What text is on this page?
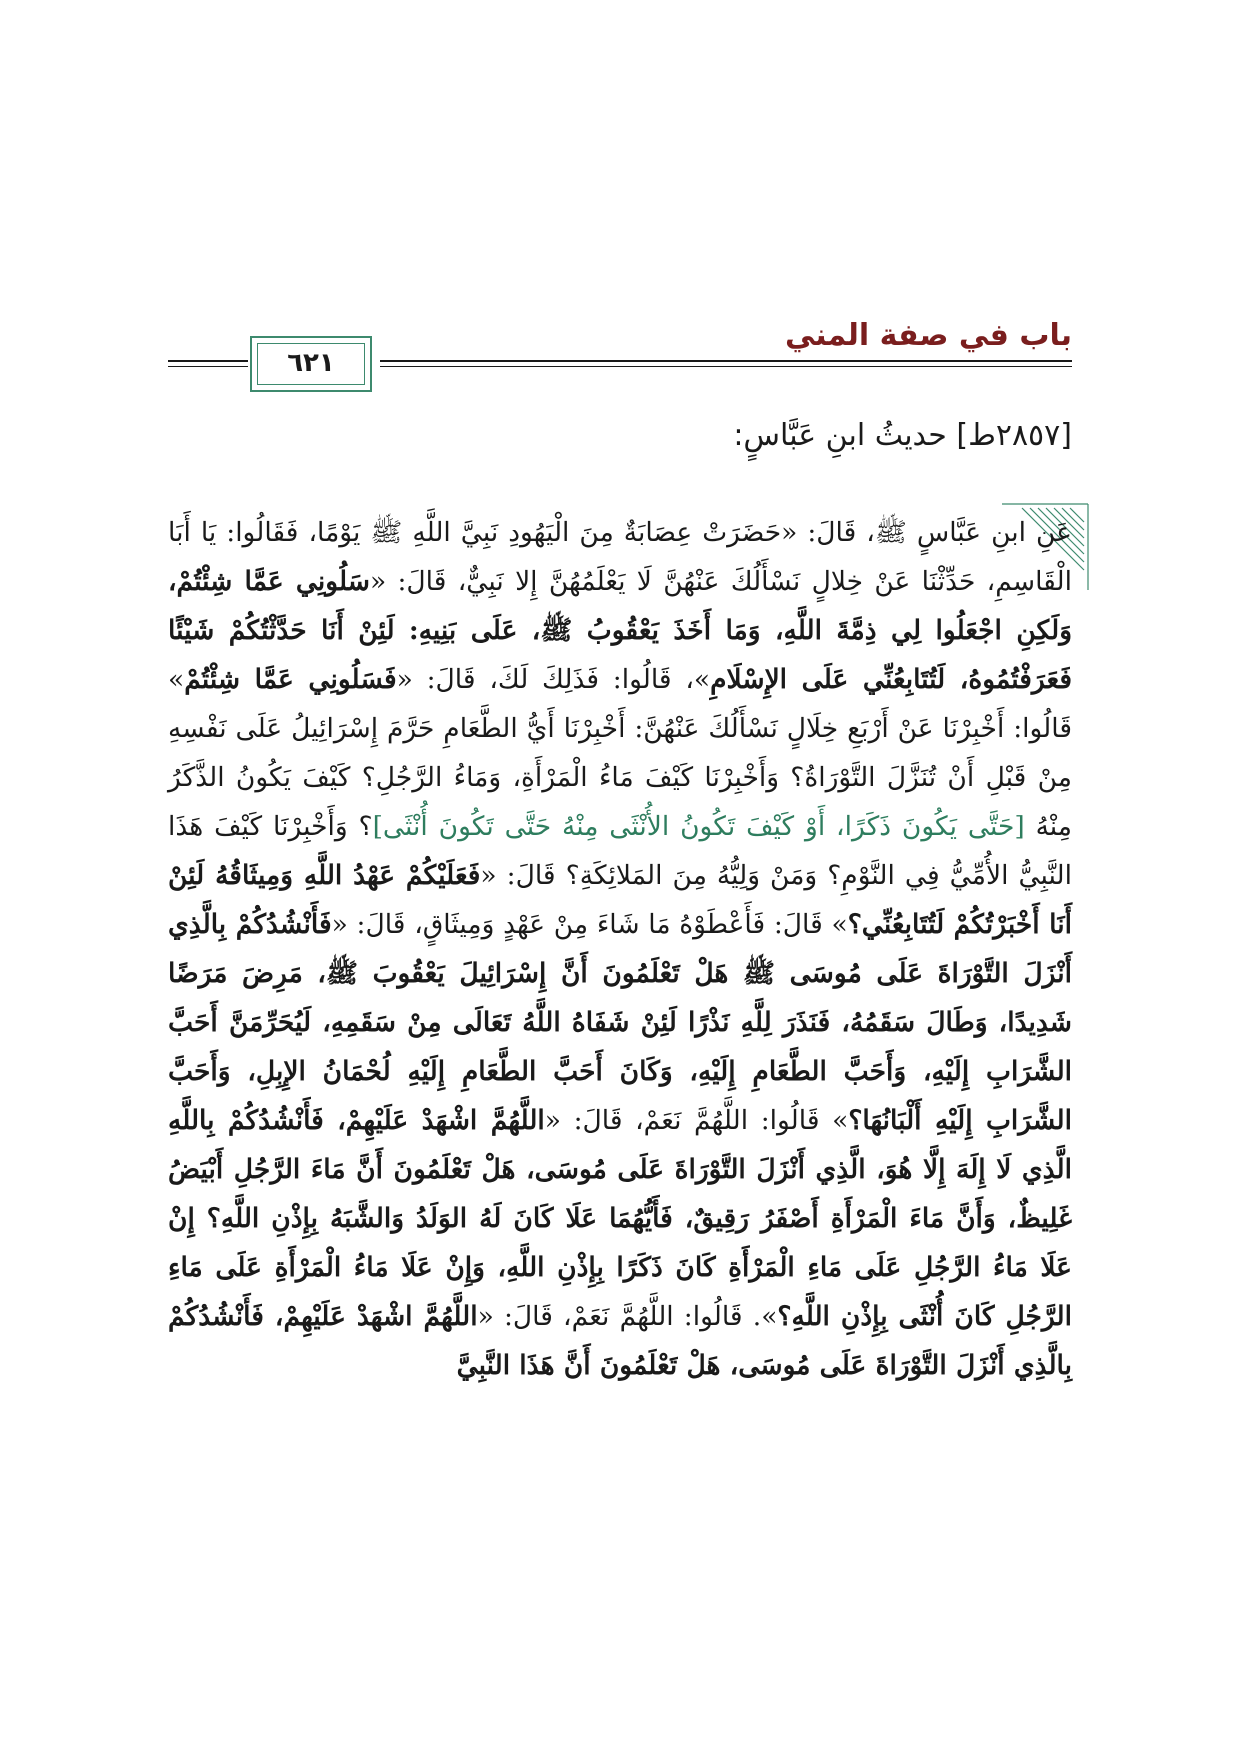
باب في صفة المني
٦٢١
[٢٨٥٧ط] حديثُ ابنِ عَبَّاسٍ:
عَنِ ابنِ عَبَّاسٍ ﷺ، قَالَ: «حَضَرَتْ عِصَابَةٌ مِنَ الْيَهُودِ نَبِيَّ اللَّهِ ﷺ يَوْمًا، فَقَالُوا: يَا أَبَا الْقَاسِمِ، حَدِّثْنَا عَنْ خِلالٍ نَسْأَلُكَ عَنْهُنَّ لَا يَعْلَمُهُنَّ إِلا نَبِيٌّ، قَالَ: «سَلُونِي عَمَّا شِئْتُمْ، وَلَكِنِ اجْعَلُوا لِي ذِمَّةَ اللَّهِ، وَمَا أَخَذَ يَعْقُوبُ ﷺ، عَلَى بَنِيهِ: لَئِنْ أَنَا حَدَّثْتُكُمْ شَيْئًا فَعَرَفْتُمُوهُ، لَتُتَابِعُنِّي عَلَى الإِسْلَامِ»، قَالُوا: فَذَلِكَ لَكَ، قَالَ: «فَسَلُونِي عَمَّا شِئْتُمْ» قَالُوا: أَخْبِرْنَا عَنْ أَرْبَعِ خِلَالٍ نَسْأَلُكَ عَنْهُنَّ: أَخْبِرْنَا أَيُّ الطَّعَامِ حَرَّمَ إِسْرَائِيلُ عَلَى نَفْسِهِ مِنْ قَبْلِ أَنْ تُنَزَّلَ التَّوْرَاةُ؟ وَأَخْبِرْنَا كَيْفَ مَاءُ الْمَرْأَةِ، وَمَاءُ الرَّجُلِ؟ كَيْفَ يَكُونُ الذَّكَرُ مِنْهُ [حَتَّى يَكُونَ ذَكَرًا، أَوْ كَيْفَ تَكُونُ الأُنْثَى مِنْهُ حَتَّى تَكُونَ أُنْثَى]؟ وَأَخْبِرْنَا كَيْفَ هَذَا النَّبِيُّ الأُمِّيُّ فِي النَّوْمِ؟ وَمَنْ وَلِيُّهُ مِنَ المَلائِكَةِ؟ قَالَ: «فَعَلَيْكُمْ عَهْدُ اللَّهِ وَمِيثَاقُهُ لَئِنْ أَنَا أَخْبَرْتُكُمْ لَتُتَابِعُنِّي؟» قَالَ: فَأَعْطَوْهُ مَا شَاءَ مِنْ عَهْدٍ وَمِيثَاقٍ، قَالَ: «فَأَنْشُدُكُمْ بِالَّذِي أَنْزَلَ التَّوْرَاةَ عَلَى مُوسَى ﷺ هَلْ تَعْلَمُونَ أَنَّ إِسْرَائِيلَ يَعْقُوبَ ﷺ، مَرِضَ مَرَضًا شَدِيدًا، وَطَالَ سَقَمُهُ، فَنَذَرَ لِلَّهِ نَذْرًا لَئِنْ شَفَاهُ اللَّهُ تَعَالَى مِنْ سَقَمِهِ، لَيُحَرِّمَنَّ أَحَبَّ الشَّرَابِ إِلَيْهِ، وَأَحَبَّ الطَّعَامِ إِلَيْهِ، وَكَانَ أَحَبَّ الطَّعَامِ إِلَيْهِ لُحْمَانُ الإِبِلِ، وَأَحَبَّ الشَّرَابِ إِلَيْهِ أَلْبَانُهَا؟» قَالُوا: اللَّهُمَّ نَعَمْ، قَالَ: «اللَّهُمَّ اشْهَدْ عَلَيْهِمْ، فَأَنْشُدُكُمْ بِاللَّهِ الَّذِي لَا إِلَهَ إِلَّا هُوَ، الَّذِي أَنْزَلَ التَّوْرَاةَ عَلَى مُوسَى، هَلْ تَعْلَمُونَ أَنَّ مَاءَ الرَّجُلِ أَبْيَضُ غَلِيظٌ، وَأَنَّ مَاءَ الْمَرْأَةِ أَصْفَرُ رَقِيقٌ، فَأَيُّهُمَا عَلَا كَانَ لَهُ الوَلَدُ وَالشَّبَهُ بِإِذْنِ اللَّهِ؟ إِنْ عَلَا مَاءُ الرَّجُلِ عَلَى مَاءِ الْمَرْأَةِ كَانَ ذَكَرًا بِإِذْنِ اللَّهِ، وَإِنْ عَلَا مَاءُ الْمَرْأَةِ عَلَى مَاءِ الرَّجُلِ كَانَ أُنْثَى بِإِذْنِ اللَّهِ؟». قَالُوا: اللَّهُمَّ نَعَمْ، قَالَ: «اللَّهُمَّ اشْهَدْ عَلَيْهِمْ، فَأَنْشُدُكُمْ بِالَّذِي أَنْزَلَ التَّوْرَاةَ عَلَى مُوسَى، هَلْ تَعْلَمُونَ أَنَّ هَذَا النَّبِيَّ
